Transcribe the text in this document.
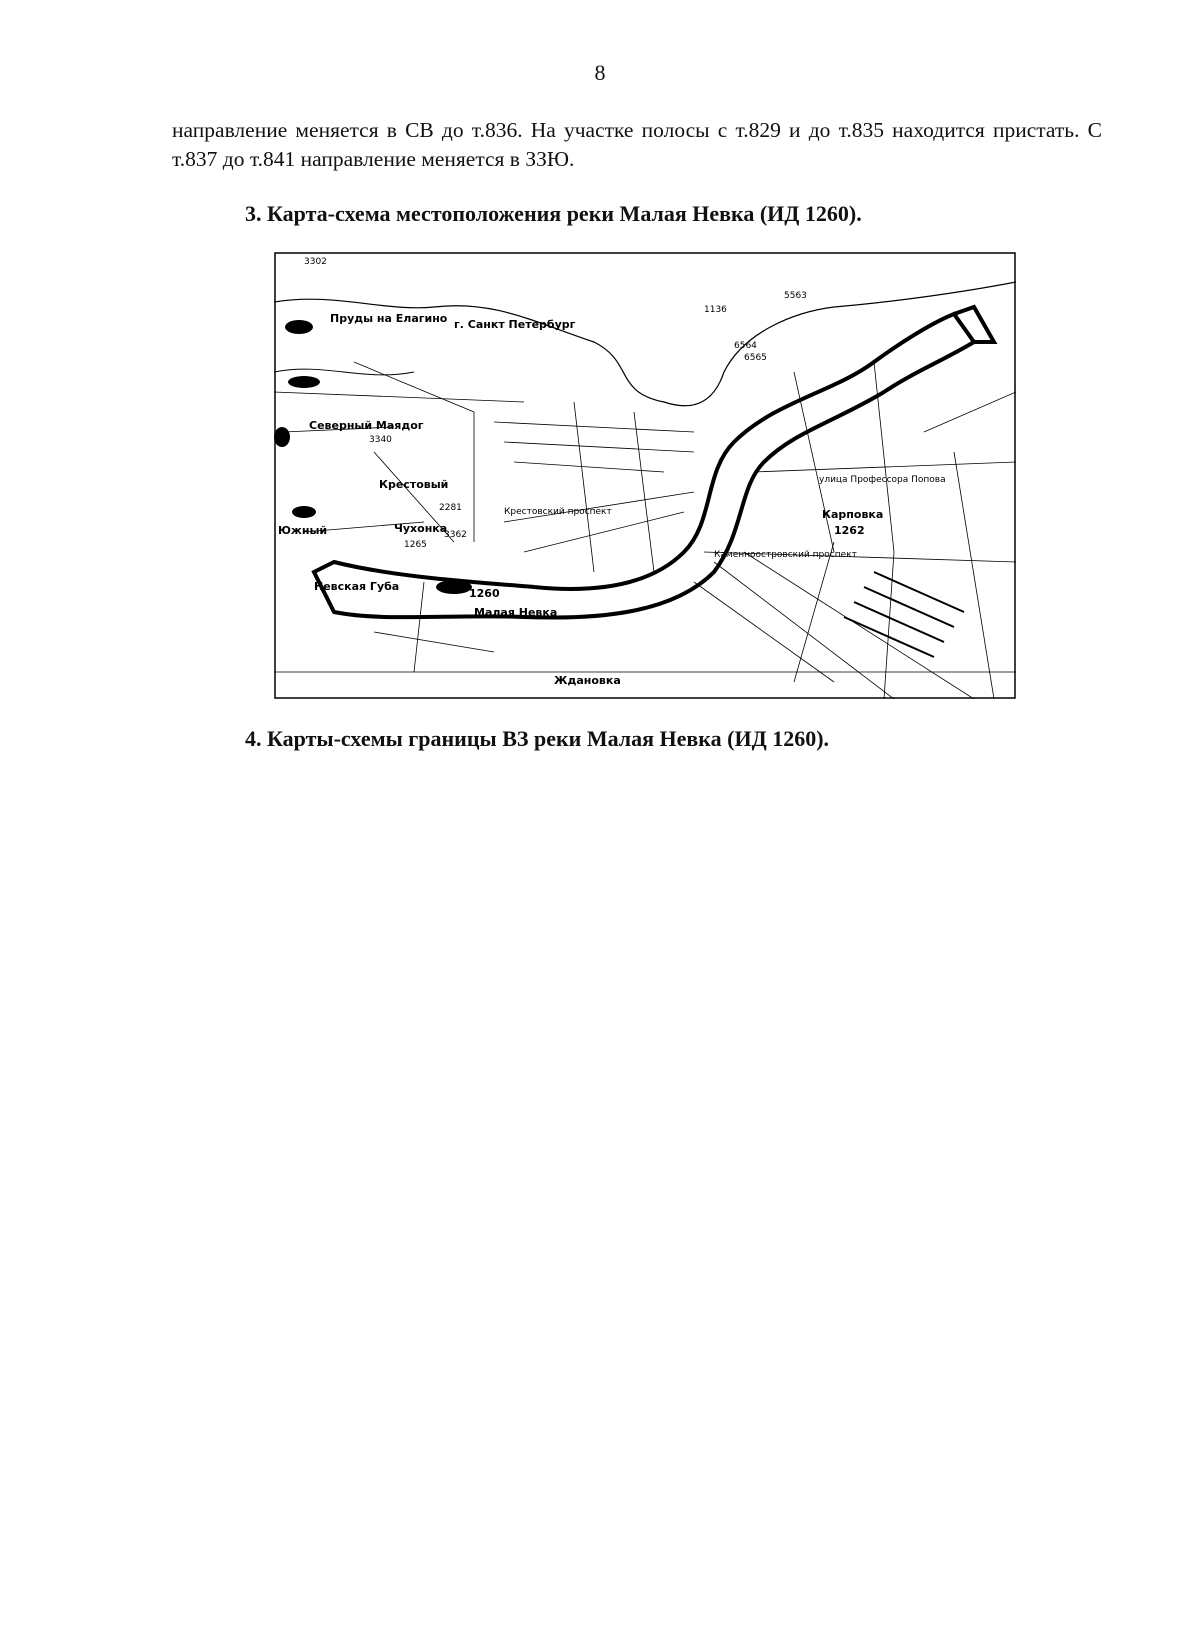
8
направление меняется в СВ до т.836. На участке полосы с т.829 и до т.835 находится пристать. С т.837 до т.841 направление меняется в ЗЗЮ.
3. Карта-схема местоположения реки Малая Невка (ИД 1260).
г. Санкт Петербург
Пруды на Елагино
Северный Маядог
Крестовый
Чухонка
Южный
Невская Губа
Малая Невка
1260
Карповка
1262
Ждановка
Крестовский проспект
улица Профессора Попова
Каменноостровский проспект
3340
3362
2281
1265
5563
6564
6565
1136
3302
4. Карты-схемы границы ВЗ реки Малая Невка (ИД 1260).
